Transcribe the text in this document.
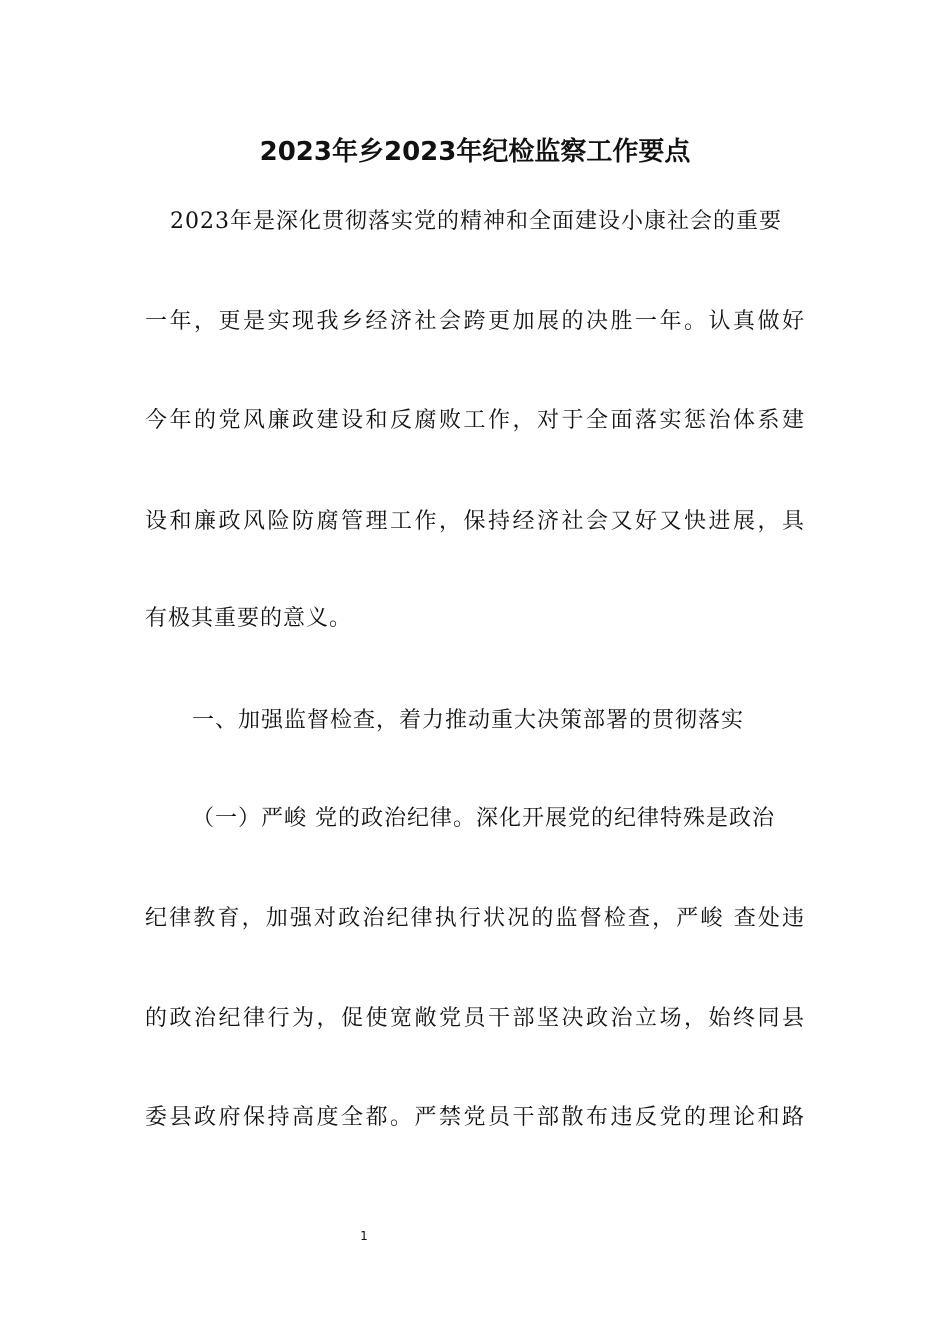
2023年乡2023年纪检监察工作要点
2023年是深化贯彻落实党的精神和全面建设小康社会的重要
一年，更是实现我乡经济社会跨更加展的决胜一年。认真做好
今年的党风廉政建设和反腐败工作，对于全面落实惩治体系建
设和廉政风险防腐管理工作，保持经济社会又好又快进展，具
有极其重要的意义。
一、加强监督检查，着力推动重大决策部署的贯彻落实
（一）严峻 党的政治纪律。深化开展党的纪律特殊是政治
纪律教育，加强对政治纪律执行状况的监督检查，严峻 查处违
的政治纪律行为，促使宽敞党员干部坚决政治立场，始终同县
委县政府保持高度全都。严禁党员干部散布违反党的理论和路
1
